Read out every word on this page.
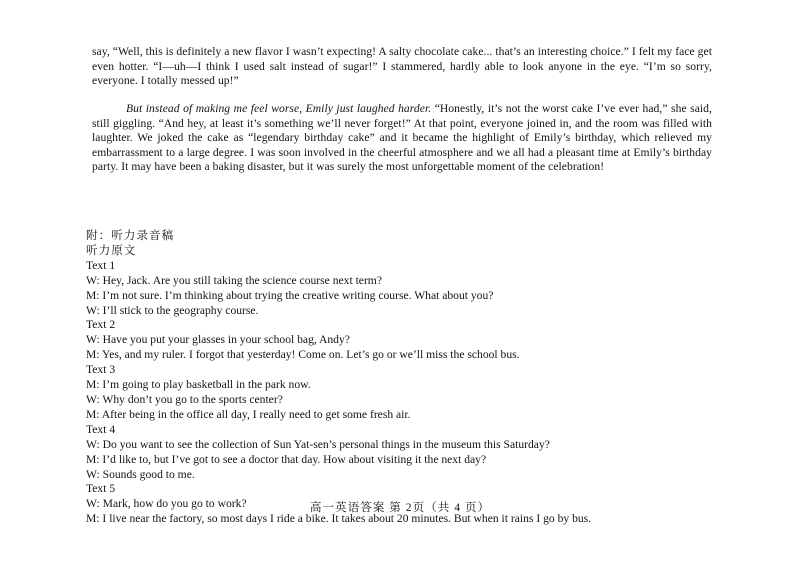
say, “Well, this is definitely a new flavor I wasn’t expecting! A salty chocolate cake... that’s an interesting choice.” I felt my face get even hotter. “I—uh—I think I used salt instead of sugar!” I stammered, hardly able to look anyone in the eye. “I’m so sorry, everyone. I totally messed up!”

But instead of making me feel worse, Emily just laughed harder. “Honestly, it’s not the worst cake I’ve ever had,” she said, still giggling. “And hey, at least it’s something we’ll never forget!” At that point, everyone joined in, and the room was filled with laughter. We joked the cake as “legendary birthday cake” and it became the highlight of Emily’s birthday, which relieved my embarrassment to a large degree. I was soon involved in the cheerful atmosphere and we all had a pleasant time at Emily’s birthday party. It may have been a baking disaster, but it was surely the most unforgettable moment of the celebration!

附：听力录音稿
听力原文
Text 1
W: Hey, Jack. Are you still taking the science course next term?
M: I’m not sure. I’m thinking about trying the creative writing course. What about you?
W: I’ll stick to the geography course.
Text 2
W: Have you put your glasses in your school bag, Andy?
M: Yes, and my ruler. I forgot that yesterday! Come on. Let’s go or we’ll miss the school bus.
Text 3
M: I’m going to play basketball in the park now.
W: Why don’t you go to the sports center?
M: After being in the office all day, I really need to get some fresh air.
Text 4
W: Do you want to see the collection of Sun Yat-sen’s personal things in the museum this Saturday?
M: I’d like to, but I’ve got to see a doctor that day. How about visiting it the next day?
W: Sounds good to me.
Text 5
W: Mark, how do you go to work?
M: I live near the factory, so most days I ride a bike. It takes about 20 minutes. But when it rains I go by bus.
高一英语答案 第 2页（共 4 页）
